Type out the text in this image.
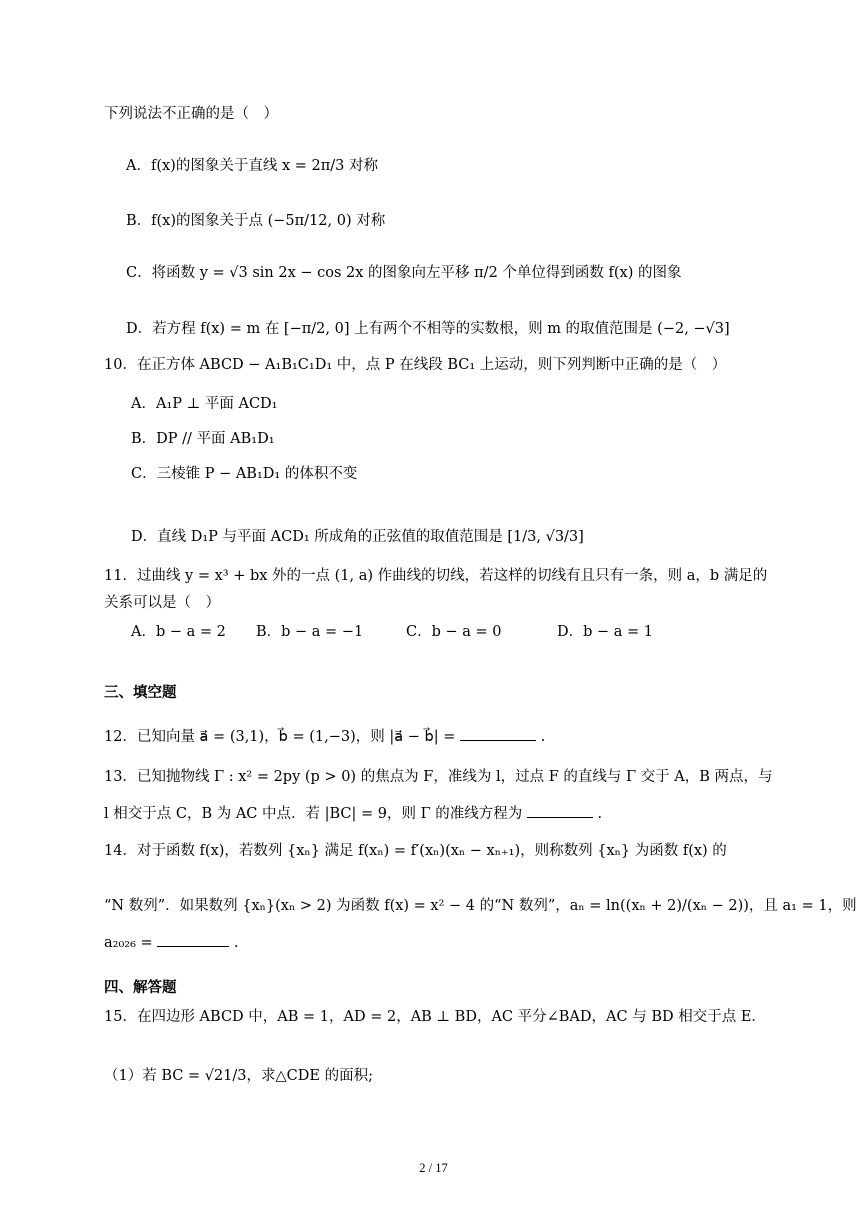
下列说法不正确的是（　）
A．f(x)的图象关于直线 x = 2π/3 对称
B．f(x)的图象关于点 (−5π/12, 0) 对称
C．将函数 y = √3 sin 2x − cos 2x 的图象向左平移 π/2 个单位得到函数 f(x) 的图象
D．若方程 f(x) = m 在 [−π/2, 0] 上有两个不相等的实数根，则 m 的取值范围是 (−2, −√3]
10．在正方体 ABCD − A₁B₁C₁D₁ 中，点 P 在线段 BC₁ 上运动，则下列判断中正确的是（　）
A．A₁P ⊥ 平面 ACD₁
B．DP // 平面 AB₁D₁
C．三棱锥 P − AB₁D₁ 的体积不变
D．直线 D₁P 与平面 ACD₁ 所成角的正弦值的取值范围是 [1/3, √3/3]
11．过曲线 y = x³ + bx 外的一点 (1, a) 作曲线的切线，若这样的切线有且只有一条，则 a，b 满足的
关系可以是（　）
A．b − a = 2 B．b − a = −1	C．b − a = 0	D．b − a = 1
三、填空题
12．已知向量 a⃗ = (3,1)，b⃗ = (1,−3)，则 |a⃗ − b⃗| =	.
13．已知抛物线 Γ : x² = 2py (p > 0) 的焦点为 F，准线为 l，过点 F 的直线与 Γ 交于 A，B 两点，与
l 相交于点 C，B 为 AC 中点．若 |BC| = 9，则 Γ 的准线方程为	.
14．对于函数 f(x)，若数列 {xₙ} 满足 f(xₙ) = f′(xₙ)(xₙ − xₙ₊₁)，则称数列 {xₙ} 为函数 f(x) 的
“N 数列”．如果数列 {xₙ}(xₙ > 2) 为函数 f(x) = x² − 4 的“N 数列”，aₙ = ln((xₙ + 2)/(xₙ − 2))，且 a₁ = 1，则
a₂₀₂₆ =	.
四、解答题
15．在四边形 ABCD 中，AB = 1，AD = 2，AB ⊥ BD，AC 平分∠BAD，AC 与 BD 相交于点 E．
（1）若 BC = √21/3，求△CDE 的面积;
2 / 17
